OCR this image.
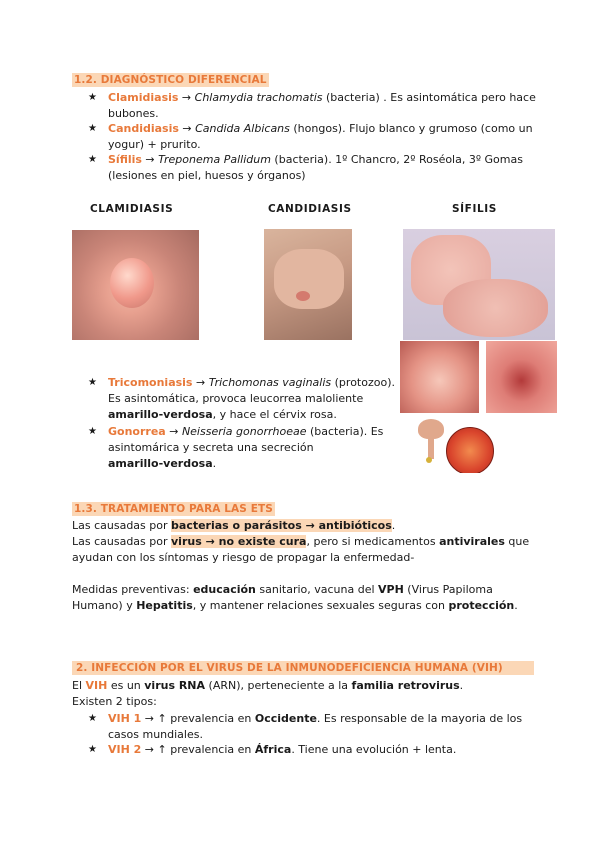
1.2. DIAGNÓSTICO DIFERENCIAL
★ Clamidiasis → Chlamydia trachomatis (bacteria) . Es asintomática pero hace
bubones.
★ Candidiasis → Candida Albicans (hongos). Flujo blanco y grumoso (como un
yogur) + prurito.
★ Sífilis → Treponema Pallidum (bacteria). 1º Chancro, 2º Roséola, 3º Gomas
(lesiones en piel, huesos y órganos)
CLAMIDIASIS	CANDIDIASIS	SÍFILIS
★ Tricomoniasis → Trichomonas vaginalis (protozoo).
Es asintomática, provoca leucorrea maloliente
amarillo-verdosa, y hace el cérvix rosa.
★ Gonorrea → Neisseria gonorrhoeae (bacteria). Es
asintomárica y secreta una secreción
amarillo-verdosa.
1.3. TRATAMIENTO PARA LAS ETS
Las causadas por bacterias o parásitos → antibióticos.
Las causadas por virus → no existe cura, pero si medicamentos antivirales que
ayudan con los síntomas y riesgo de propagar la enfermedad-
Medidas preventivas: educación sanitario, vacuna del VPH (Virus Papiloma
Humano) y Hepatitis, y mantener relaciones sexuales seguras con protección.
2. INFECCIÓN POR EL VIRUS DE LA INMUNODEFICIENCIA HUMANA (VIH)
El VIH es un virus RNA (ARN), perteneciente a la familia retrovirus.
Existen 2 tipos:
★ VIH 1 → ↑ prevalencia en Occidente. Es responsable de la mayoria de los
casos mundiales.
★ VIH 2 → ↑ prevalencia en África. Tiene una evolución + lenta.
